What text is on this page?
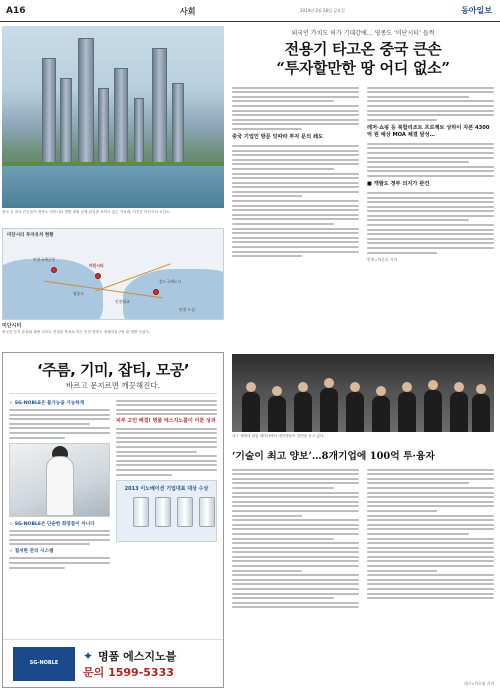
A16	사회	2014년 2월 28일 금요일	동아일보
중국 등 외국 큰손들이 영종도 미단시티 개발 계획 등에 관심을 보이고 있는 가운데, 사진은 미단시티 조감도.
미단시티 투자유치 현황
인천국제공항
미단시티
영종도
인천대교
송도국제도시
인천 도심
미단시티
외국인 투자 유치와 복합 리조트 건설을 목표로 하는 인천 영종도 경제자유구역 내 개발 사업지.
외국인 가치도 허가 기대감에… 영종도 ‘미단시티’ 들썩
전용기 타고온 중국 큰손
“투자할만한 땅 어디 없소”
중국 기업인 방문 잇따라 투자 문의 쇄도
레저·쇼핑 등 복합리조트 프로젝트 상하이 자본 4300억 원 예상 MOA 체결 달성…
■ 개발도 정부 의지가 관건
인천=차준호 기자
‘주름, 기미, 잡티, 모공’
바르고 문지르면 깨끗해진다.
☆ SG-NOBLE은 불가능을 가능하게
☆ SG-NOBLE은 단순한 화장품이 아니다
☆ 철저한 관리 시스템
피부 고민 해결! 명품 에스지노블이 이룬 성과
2013 이노베이션 기업대표 대상 수상
SG-NOBLE
✦ 명품 에스지노블
문의 1599-5333
대구 계명대 취업 세미나에서 대학생들이 강연을 듣고 있다.
‘기술이 최고 양보’…8개기업에 100억 투·융자
대구=이호원 기자
